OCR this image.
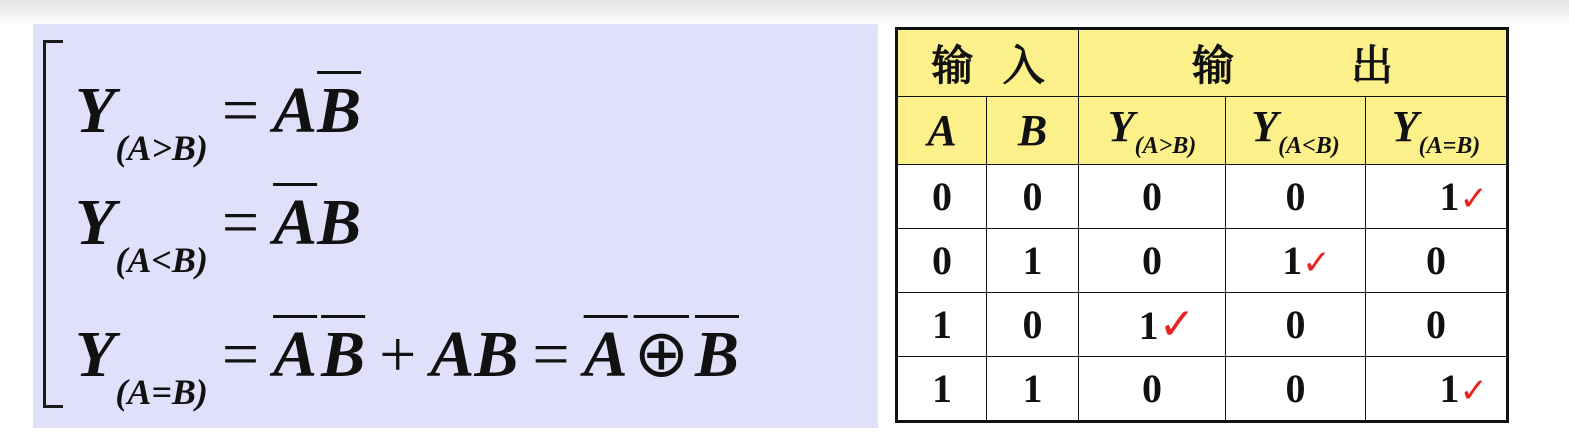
$Y_{(A>B)}= A\overline{B}$
$Y_{(A<B)}= \overline{A}B$
$Y_{(A=B)}= \overline{A}\overline{B}$ + AB = A⊕B
输  入		输        出		
A	B	$Y_{(A>B)}$	$Y_{(A<B)}$	$Y_{(A=B)}$
0	0	0	0	1✓
0	1	0	1✓	0
1	0	1✓	0	0
1	1	0	0	1✓
